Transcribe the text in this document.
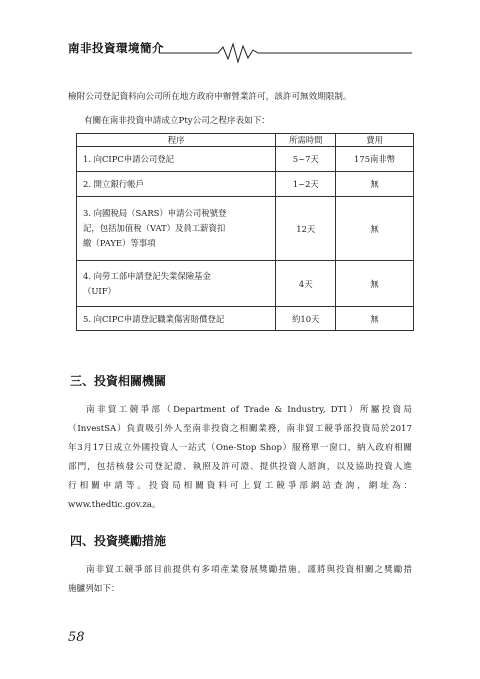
南非投資環境簡介
檢附公司登記資料向公司所在地方政府申辦營業許可，該許可無效期限制。
有關在南非投資申請成立Pty公司之程序表如下：
程序	所需時間	費用
1. 向CIPC申請公司登記	5~7天	175南非幣
2. 開立銀行帳戶	1~2天	無

3. 向國稅局（SARS）申請公司稅號登
記，包括加值稅（VAT）及員工薪資扣
繳（PAYE）等事項	12天	無

4. 向勞工部申請登記失業保險基金
（UIF）	4天	無
5. 向CIPC申請登記職業傷害賠償登記	約10天	無
三、投資相關機關
南非貿工競爭部（Department of Trade & Industry, DTI）所屬投資局
（InvestSA）負責吸引外人至南非投資之相關業務，南非貿工競爭部投資局於2017
年3月17日成立外國投資人一站式（One-Stop Shop）服務單一窗口，納入政府相關
部門，包括核發公司登記證、執照及許可證、提供投資人諮詢，以及協助投資人進
行相關申請等。投資局相關資料可上貿工競爭部網站查詢，網址為：
www.thedtic.gov.za。
四、投資獎勵措施
南非貿工競爭部目前提供有多項產業發展獎勵措施，謹將與投資相關之獎勵措
施臚列如下：
58
